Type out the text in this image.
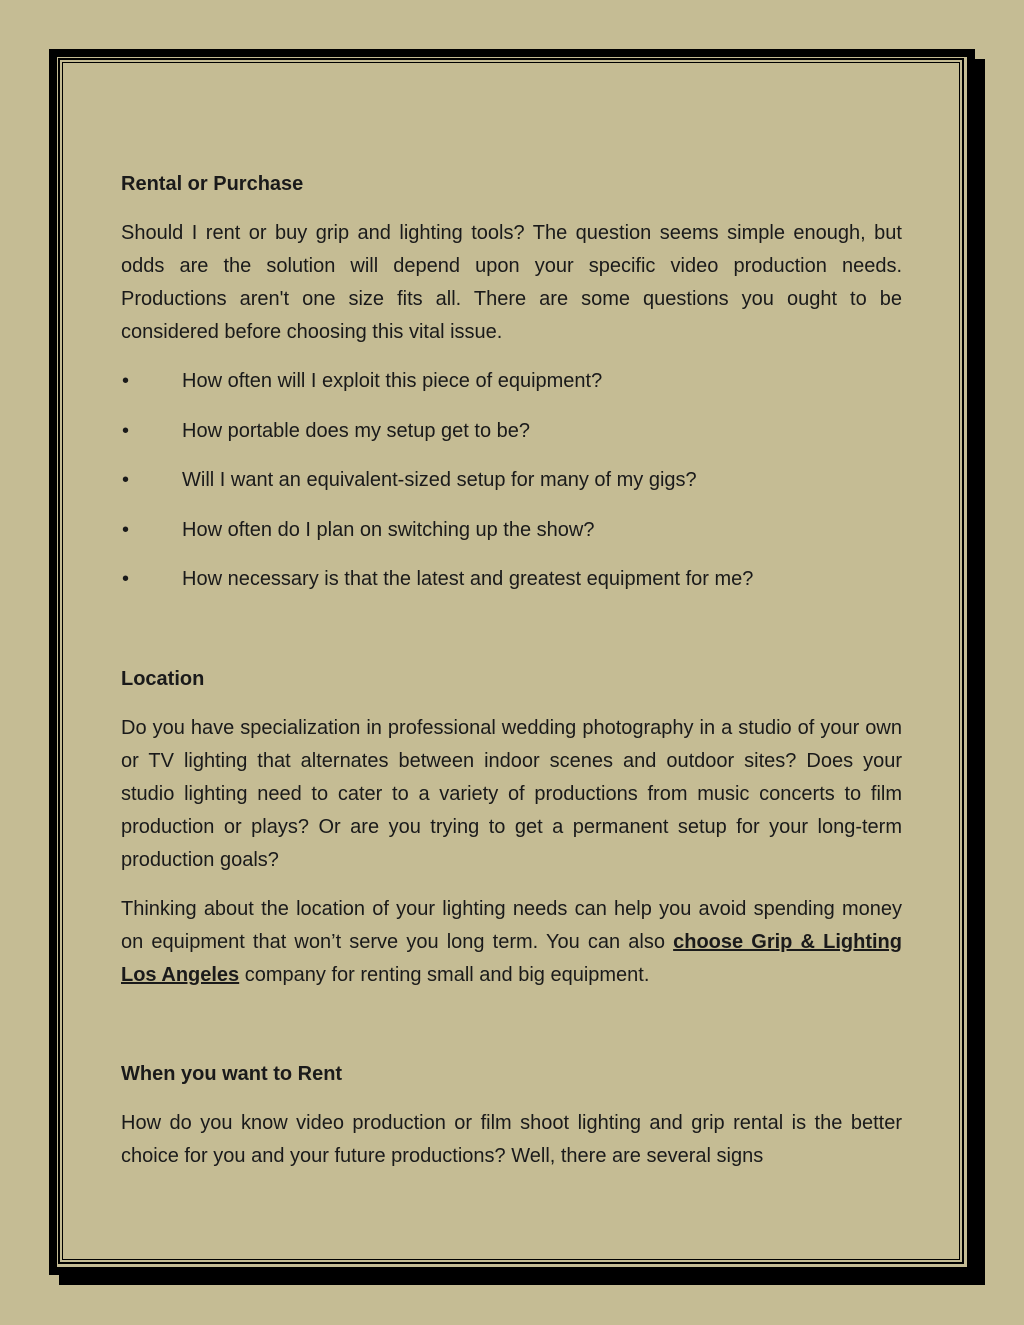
Rental or Purchase

Should I rent or buy grip and lighting tools? The question seems simple enough, but odds are the solution will depend upon your specific video production needs. Productions aren't one size fits all. There are some questions you ought to be considered before choosing this vital issue.

•	How often will I exploit this piece of equipment?
•	How portable does my setup get to be?
•	Will I want an equivalent-sized setup for many of my gigs?
•	How often do I plan on switching up the show?
•	How necessary is that the latest and greatest equipment for me?
Location

Do you have specialization in professional wedding photography in a studio of your own or TV lighting that alternates between indoor scenes and outdoor sites? Does your studio lighting need to cater to a variety of productions from music concerts to film production or plays? Or are you trying to get a permanent setup for your long-term production goals?

Thinking about the location of your lighting needs can help you avoid spending money on equipment that won’t serve you long term. You can also choose Grip & Lighting Los Angeles company for renting small and big equipment.

When you want to Rent

How do you know video production or film shoot lighting and grip rental is the better choice for you and your future productions? Well, there are several signs
